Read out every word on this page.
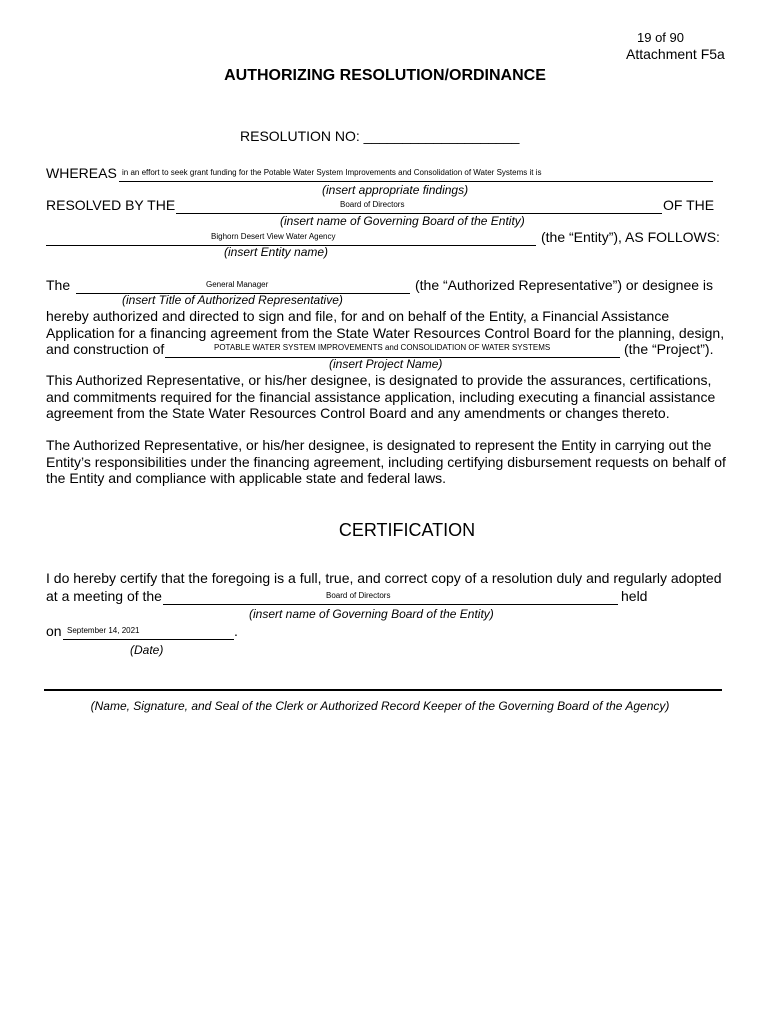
19 of 90
Attachment F5a
AUTHORIZING RESOLUTION/ORDINANCE
RESOLUTION NO: ____________________
WHEREAS in an effort to seek grant funding for the Potable Water System Improvements and Consolidation of Water Systems it is
(insert appropriate findings)
RESOLVED BY THE	Board of Directors	OF THE
(insert name of Governing Board of the Entity)
Bighorn Desert View Water Agency	(the “Entity”), AS FOLLOWS:
(insert Entity name)
The	General Manager	(the “Authorized Representative”) or designee is
(insert Title of Authorized Representative)
hereby authorized and directed to sign and file, for and on behalf of the Entity, a Financial Assistance
Application for a financing agreement from the State Water Resources Control Board for the planning, design,
and construction of	POTABLE WATER SYSTEM IMPROVEMENTS and CONSOLIDATION OF WATER SYSTEMS	(the “Project”).
(insert Project Name)
This Authorized Representative, or his/her designee, is designated to provide the assurances, certifications, and commitments required for the financial assistance application, including executing a financial assistance agreement from the State Water Resources Control Board and any amendments or changes thereto.
The Authorized Representative, or his/her designee, is designated to represent the Entity in carrying out the Entity’s responsibilities under the financing agreement, including certifying disbursement requests on behalf of the Entity and compliance with applicable state and federal laws.
CERTIFICATION
I do hereby certify that the foregoing is a full, true, and correct copy of a resolution duly and regularly adopted
at a meeting of the	Board of Directors	held
(insert name of Governing Board of the Entity)
on September 14, 2021	.
(Date)
(Name, Signature, and Seal of the Clerk or Authorized Record Keeper of the Governing Board of the Agency)
